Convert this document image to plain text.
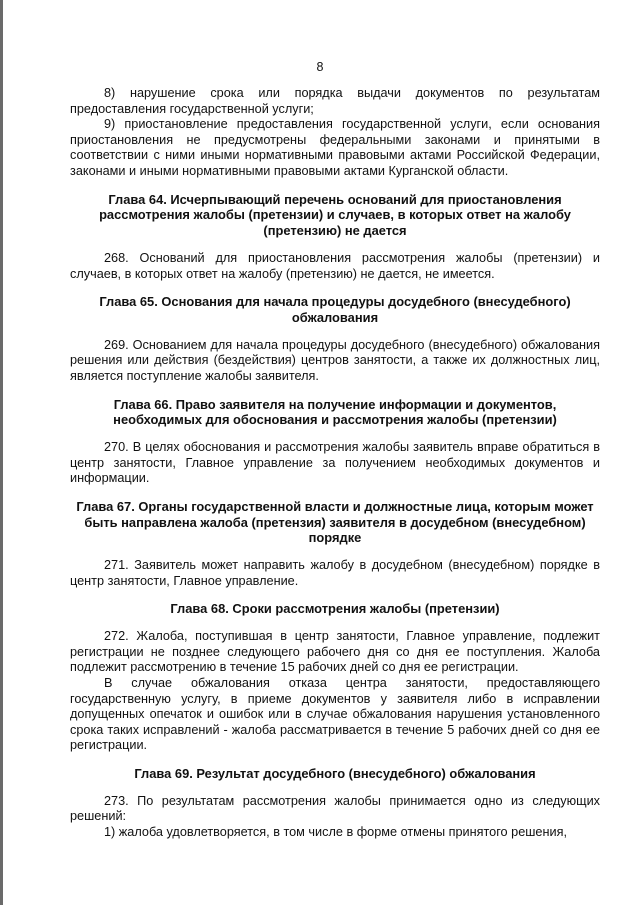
8

8) нарушение срока или порядка выдачи документов по результатам предоставления государственной услуги;

9) приостановление предоставления государственной услуги, если основания приостановления не предусмотрены федеральными законами и принятыми в соответствии с ними иными нормативными правовыми актами Российской Федерации, законами и иными нормативными правовыми актами Курганской области.

Глава 64. Исчерпывающий перечень оснований для приостановления рассмотрения жалобы (претензии) и случаев, в которых ответ на жалобу (претензию) не дается

268. Оснований для приостановления рассмотрения жалобы (претензии) и случаев, в которых ответ на жалобу (претензию) не дается, не имеется.

Глава 65. Основания для начала процедуры досудебного (внесудебного) обжалования

269. Основанием для начала процедуры досудебного (внесудебного) обжалования решения или действия (бездействия) центров занятости, а также их должностных лиц, является поступление жалобы заявителя.

Глава 66. Право заявителя на получение информации и документов, необходимых для обоснования и рассмотрения жалобы (претензии)

270. В целях обоснования и рассмотрения жалобы заявитель вправе обратиться в центр занятости, Главное управление за получением необходимых документов и информации.

Глава 67. Органы государственной власти и должностные лица, которым может быть направлена жалоба (претензия) заявителя в досудебном (внесудебном) порядке

271. Заявитель может направить жалобу в досудебном (внесудебном) порядке в центр занятости, Главное управление.

Глава 68. Сроки рассмотрения жалобы (претензии)

272. Жалоба, поступившая в центр занятости, Главное управление, подлежит регистрации не позднее следующего рабочего дня со дня ее поступления. Жалоба подлежит рассмотрению в течение 15 рабочих дней со дня ее регистрации.

В случае обжалования отказа центра занятости, предоставляющего государственную услугу, в приеме документов у заявителя либо в исправлении допущенных опечаток и ошибок или в случае обжалования нарушения установленного срока таких исправлений - жалоба рассматривается в течение 5 рабочих дней со дня ее регистрации.

Глава 69. Результат досудебного (внесудебного) обжалования

273. По результатам рассмотрения жалобы принимается одно из следующих решений:

1) жалоба удовлетворяется, в том числе в форме отмены принятого решения,
